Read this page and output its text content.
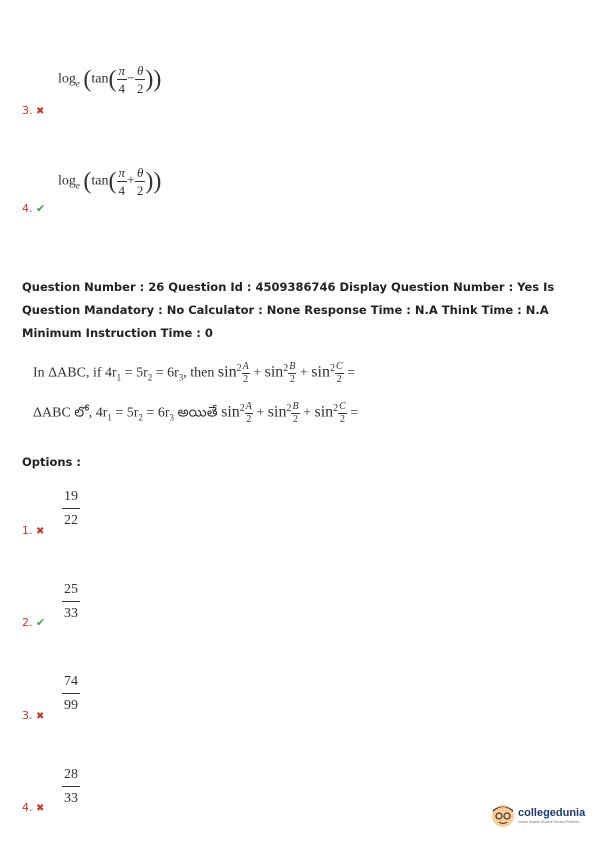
$\log_e (\tan( \frac{\pi}{4} - \frac{\theta}{2}$ ))
3. ✖
$\log_e (\tan( \frac{\pi}{4} + \frac{\theta}{2}$ ))
4. ✔
Question Number : 26 Question Id : 4509386746 Display Question Number : Yes Is Question Mandatory : No Calculator : None Response Time : N.A Think Time : N.A Minimum Instruction Time : 0
In ΔABC, if $4r_1 = 5r_2 = 6r_3$, then $\sin^2 \frac{A}{2} + \sin^2 \frac{B}{2} + \sin^2 \frac{C}{2}$ =
ΔABC లో, $4r_1 = 5r_2 = 6r_3$ అయితే $\sin^2 \frac{A}{2} + \sin^2 \frac{B}{2} + \sin^2 \frac{C}{2}$ =
Options :
$\frac{19}{22}$
1. ✖
$\frac{25}{33}$
2. ✔
$\frac{74}{99}$
3. ✖
$\frac{28}{33}$
4. ✖	collegedunia
India's largest Student Review Platform
